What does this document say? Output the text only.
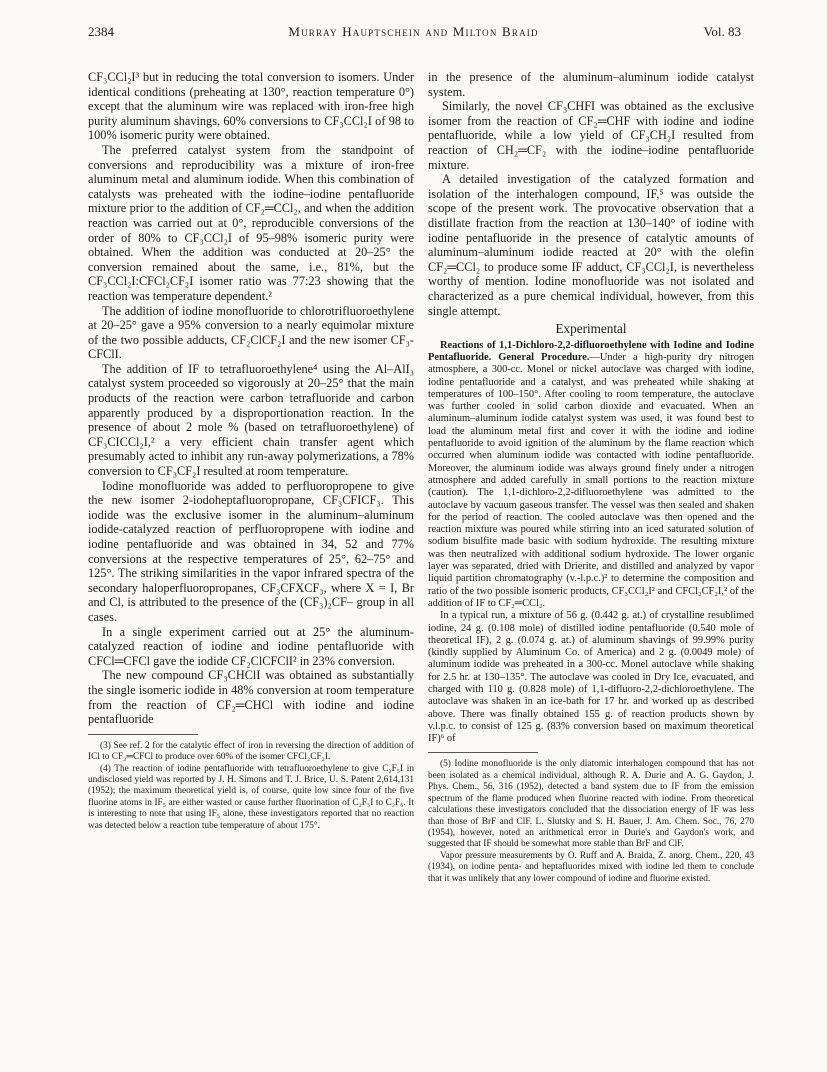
2384	Murray Hauptschein and Milton Braid	Vol. 83

CF₃CCl₂I³ but in reducing the total conversion to isomers. Under identical conditions (preheating at 130°, reaction temperature 0°) except that the aluminum wire was replaced with iron-free high purity aluminum shavings, 60% conversions to CF₃CCl₂I of 98 to 100% isomeric purity were obtained.

The preferred catalyst system from the standpoint of conversions and reproducibility was a mixture of iron-free aluminum metal and aluminum iodide. When this combination of catalysts was preheated with the iodine–iodine pentafluoride mixture prior to the addition of CF₂═CCl₂, and when the addition reaction was carried out at 0°, reproducible conversions of the order of 80% to CF₃CCl₂I of 95–98% isomeric purity were obtained. When the addition was conducted at 20–25° the conversion remained about the same, i.e., 81%, but the CF₃CCl₂I:CFCl₂CF₂I isomer ratio was 77:23 showing that the reaction was temperature dependent.²

The addition of iodine monofluoride to chlorotrifluoroethylene at 20–25° gave a 95% conversion to a nearly equimolar mixture of the two possible adducts, CF₂ClCF₂I and the new isomer CF₃-CFClI.

The addition of IF to tetrafluoroethylene⁴ using the Al–AlI₃ catalyst system proceeded so vigorously at 20–25° that the main products of the reaction were carbon tetrafluoride and carbon apparently produced by a disproportionation reaction. In the presence of about 2 mole % (based on tetrafluoroethylene) of CF₃CICCl₂I,² a very efficient chain transfer agent which presumably acted to inhibit any run-away polymerizations, a 78% conversion to CF₃CF₂I resulted at room temperature.

Iodine monofluoride was added to perfluoropropene to give the new isomer 2-iodoheptafluoropropane, CF₃CFICF₃. This iodide was the exclusive isomer in the aluminum–aluminum iodide-catalyzed reaction of perfluoropropene with iodine and iodine pentafluoride and was obtained in 34, 52 and 77% conversions at the respective temperatures of 25°, 62–75° and 125°. The striking similarities in the vapor infrared spectra of the secondary haloperfluoropropanes, CF₃CFXCF₃, where X = I, Br and Cl, is attributed to the presence of the (CF₃)₂CF– group in all cases.

In a single experiment carried out at 25° the aluminum-catalyzed reaction of iodine and iodine pentafluoride with CFCl═CFCl gave the iodide CF₂ClCFClI² in 23% conversion.

The new compound CF₃CHClI was obtained as substantially the single isomeric iodide in 48% conversion at room temperature from the reaction of CF₂═CHCl with iodine and iodine pentafluoride

(3) See ref. 2 for the catalytic effect of iron in reversing the direction of addition of ICl to CF₂═CFCl to produce over 60% of the isomer CFCl₂CF₂I.

(4) The reaction of iodine pentafluoride with tetrafluoroethylene to give C₂F₅I in undisclosed yield was reported by J. H. Simons and T. J. Brice, U. S. Patent 2,614,131 (1952); the maximum theoretical yield is, of course, quite low since four of the five fluorine atoms in IF₅ are either wasted or cause further fluorination of C₂F₅I to C₂F₆. It is interesting to note that using IF₅ alone, these investigators reported that no reaction was detected below a reaction tube temperature of about 175°.

in the presence of the aluminum–aluminum iodide catalyst system.

Similarly, the novel CF₃CHFI was obtained as the exclusive isomer from the reaction of CF₂═CHF with iodine and iodine pentafluoride, while a low yield of CF₃CH₂I resulted from reaction of CH₂═CF₂ with the iodine–iodine pentafluoride mixture.

A detailed investigation of the catalyzed formation and isolation of the interhalogen compound, IF,⁵ was outside the scope of the present work. The provocative observation that a distillate fraction from the reaction at 130–140° of iodine with iodine pentafluoride in the presence of catalytic amounts of aluminum–aluminum iodide reacted at 20° with the olefin CF₂═CCl₂ to produce some IF adduct, CF₃CCl₂I, is nevertheless worthy of mention. Iodine monofluoride was not isolated and characterized as a pure chemical individual, however, from this single attempt.

Experimental

Reactions of 1,1-Dichloro-2,2-difluoroethylene with Iodine and Iodine Pentafluoride. General Procedure.—Under a high-purity dry nitrogen atmosphere, a 300-cc. Monel or nickel autoclave was charged with iodine, iodine pentafluoride and a catalyst, and was preheated while shaking at temperatures of 100–150°. After cooling to room temperature, the autoclave was further cooled in solid carbon dioxide and evacuated. When an aluminum–aluminum iodide catalyst system was used, it was found best to load the aluminum metal first and cover it with the iodine and iodine pentafluoride to avoid ignition of the aluminum by the flame reaction which occurred when aluminum iodide was contacted with iodine pentafluoride. Moreover, the aluminum iodide was always ground finely under a nitrogen atmosphere and added carefully in small portions to the reaction mixture (caution). The 1,1-dichloro-2,2-difluoroethylene was admitted to the autoclave by vacuum gaseous transfer. The vessel was then sealed and shaken for the period of reaction. The cooled autoclave was then opened and the reaction mixture was poured while stirring into an iced saturated solution of sodium bisulfite made basic with sodium hydroxide. The resulting mixture was then neutralized with additional sodium hydroxide. The lower organic layer was separated, dried with Drierite, and distilled and analyzed by vapor liquid partition chromatography (v.-l.p.c.)² to determine the composition and ratio of the two possible isomeric products, CF₃CCl₂I² and CFCl₂CF₂I,² of the addition of IF to CF₂═CCl₂.

In a typical run, a mixture of 56 g. (0.442 g. at.) of crystalline resublimed iodine, 24 g. (0.108 mole) of distilled iodine pentafluoride (0.540 mole of theoretical IF), 2 g. (0.074 g. at.) of aluminum shavings of 99.99% purity (kindly supplied by Aluminum Co. of America) and 2 g. (0.0049 mole) of aluminum iodide was preheated in a 300-cc. Monel autoclave while shaking for 2.5 hr. at 130–135°. The autoclave was cooled in Dry Ice, evacuated, and charged with 110 g. (0.828 mole) of 1,1-difluoro-2,2-dichloroethylene. The autoclave was shaken in an ice-bath for 17 hr. and worked up as described above. There was finally obtained 155 g. of reaction products shown by v.l.p.c. to consist of 125 g. (83% conversion based on maximum theoretical IF)⁶ of

(5) Iodine monofluoride is the only diatomic interhalogen compound that has not been isolated as a chemical individual, although R. A. Durie and A. G. Gaydon, J. Phys. Chem., 56, 316 (1952), detected a band system due to IF from the emission spectrum of the flame produced when fluorine reacted with iodine. From theoretical calculations these investigators concluded that the dissociation energy of IF was less than those of BrF and ClF. L. Slutsky and S. H. Bauer, J. Am. Chem. Soc., 76, 270 (1954), however, noted an arithmetical error in Durie's and Gaydon's work, and suggested that IF should be somewhat more stable than BrF and ClF.

Vapor pressure measurements by O. Ruff and A. Braida, Z. anorg. Chem., 220, 43 (1934), on iodine penta- and heptafluorides mixed with iodine led them to conclude that it was unlikely that any lower compound of iodine and fluorine existed.
